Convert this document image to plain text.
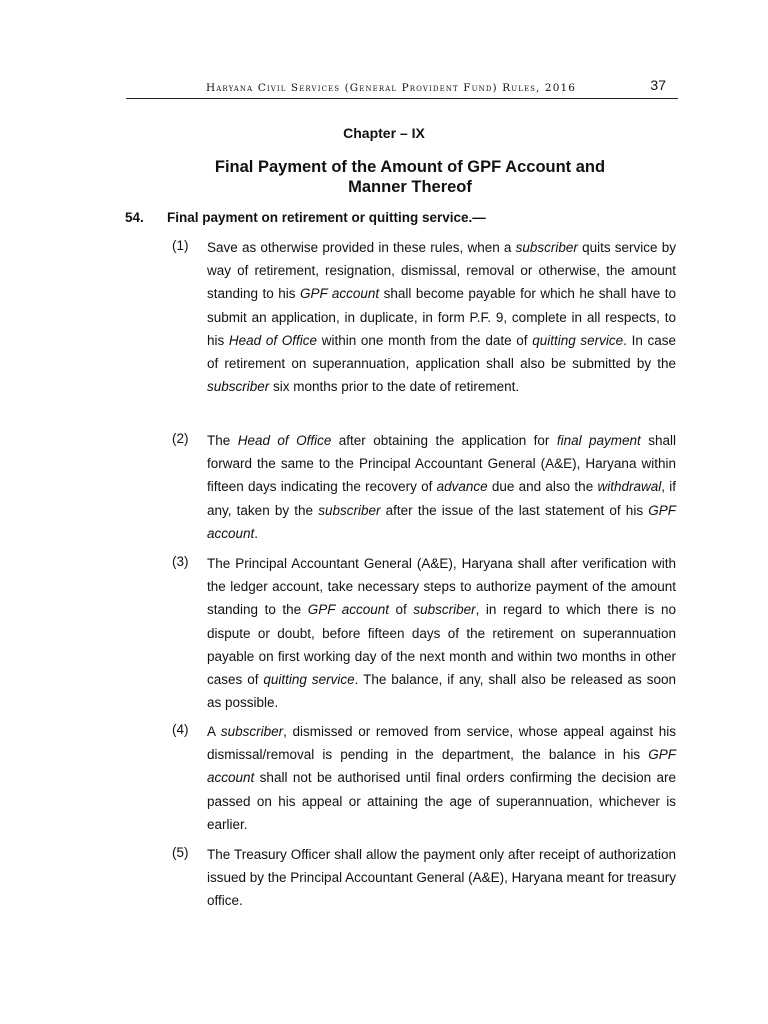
Haryana Civil Services (General Provident Fund) Rules, 2016	37
Chapter – IX
Final Payment of the Amount of GPF Account and
Manner Thereof
54. Final payment on retirement or quitting service.—
(1) Save as otherwise provided in these rules, when a subscriber quits service by way of retirement, resignation, dismissal, removal or otherwise, the amount standing to his GPF account shall become payable for which he shall have to submit an application, in duplicate, in form P.F. 9, complete in all respects, to his Head of Office within one month from the date of quitting service. In case of retirement on superannuation, application shall also be submitted by the subscriber six months prior to the date of retirement.
(2) The Head of Office after obtaining the application for final payment shall forward the same to the Principal Accountant General (A&E), Haryana within fifteen days indicating the recovery of advance due and also the withdrawal, if any, taken by the subscriber after the issue of the last statement of his GPF account.
(3) The Principal Accountant General (A&E), Haryana shall after verification with the ledger account, take necessary steps to authorize payment of the amount standing to the GPF account of subscriber, in regard to which there is no dispute or doubt, before fifteen days of the retirement on superannuation payable on first working day of the next month and within two months in other cases of quitting service. The balance, if any, shall also be released as soon as possible.
(4) A subscriber, dismissed or removed from service, whose appeal against his dismissal/removal is pending in the department, the balance in his GPF account shall not be authorised until final orders confirming the decision are passed on his appeal or attaining the age of superannuation, whichever is earlier.
(5) The Treasury Officer shall allow the payment only after receipt of authorization issued by the Principal Accountant General (A&E), Haryana meant for treasury office.
